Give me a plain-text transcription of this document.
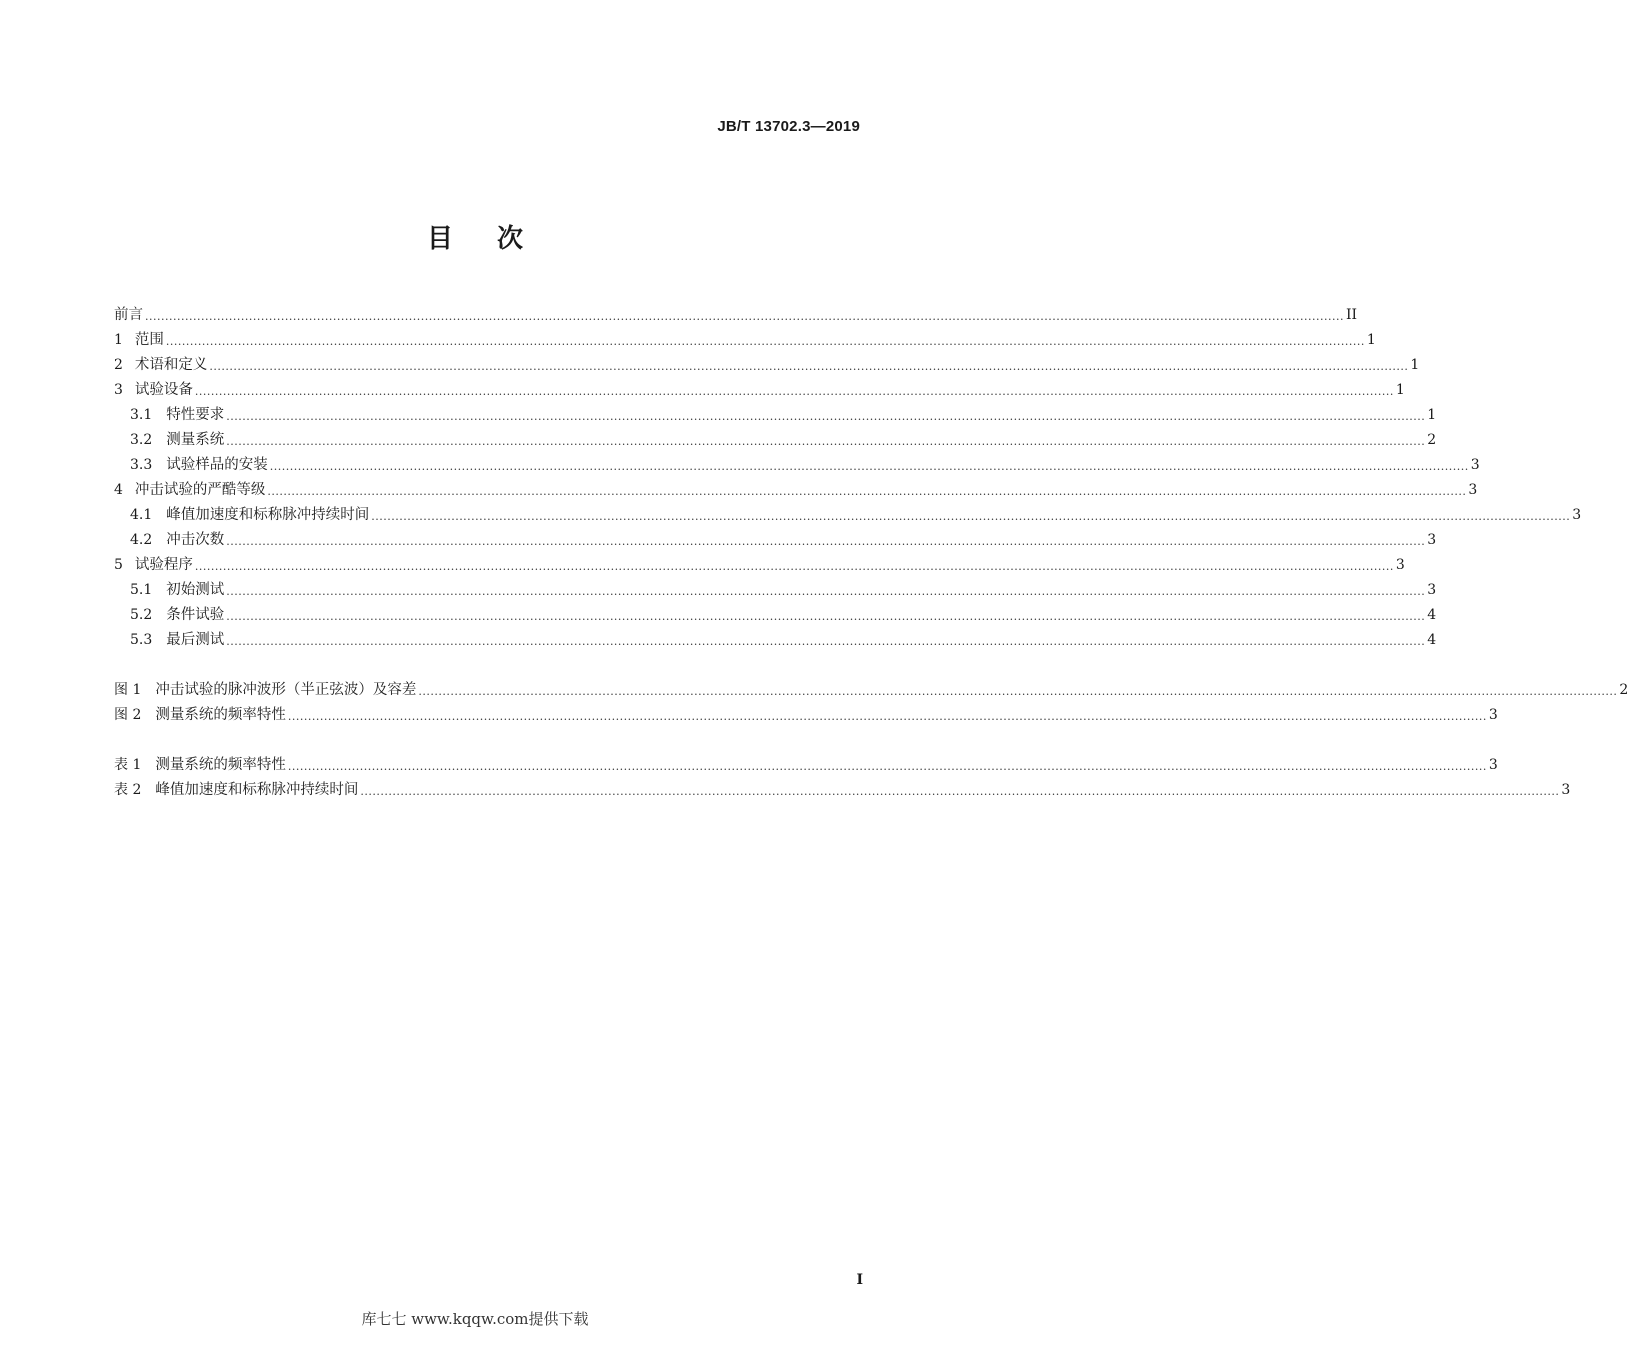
JB/T 13702.3—2019
目 次
前言 ............................................................................................................................................................................................................................................................................................................ II
1 范围 ............................................................................................................................................................................................................................................................................................................ 1
2 术语和定义 ............................................................................................................................................................................................................................................................................................................ 1
3 试验设备 ............................................................................................................................................................................................................................................................................................................ 1
3.1 特性要求 ............................................................................................................................................................................................................................................................................................................ 1
3.2 测量系统 ............................................................................................................................................................................................................................................................................................................ 2
3.3 试验样品的安装 ............................................................................................................................................................................................................................................................................................................ 3
4 冲击试验的严酷等级 ............................................................................................................................................................................................................................................................................................................ 3
4.1 峰值加速度和标称脉冲持续时间 ............................................................................................................................................................................................................................................................................................................ 3
4.2 冲击次数 ............................................................................................................................................................................................................................................................................................................ 3
5 试验程序 ............................................................................................................................................................................................................................................................................................................ 3
5.1 初始测试 ............................................................................................................................................................................................................................................................................................................ 3
5.2 条件试验 ............................................................................................................................................................................................................................................................................................................ 4
5.3 最后测试 ............................................................................................................................................................................................................................................................................................................ 4
图 1 冲击试验的脉冲波形（半正弦波）及容差 ............................................................................................................................................................................................................................................................................................................ 2
图 2 测量系统的频率特性 ............................................................................................................................................................................................................................................................................................................ 3
表 1 测量系统的频率特性 ............................................................................................................................................................................................................................................................................................................ 3
表 2 峰值加速度和标称脉冲持续时间 ............................................................................................................................................................................................................................................................................................................ 3
I
库七七 www.kqqw.com提供下载
